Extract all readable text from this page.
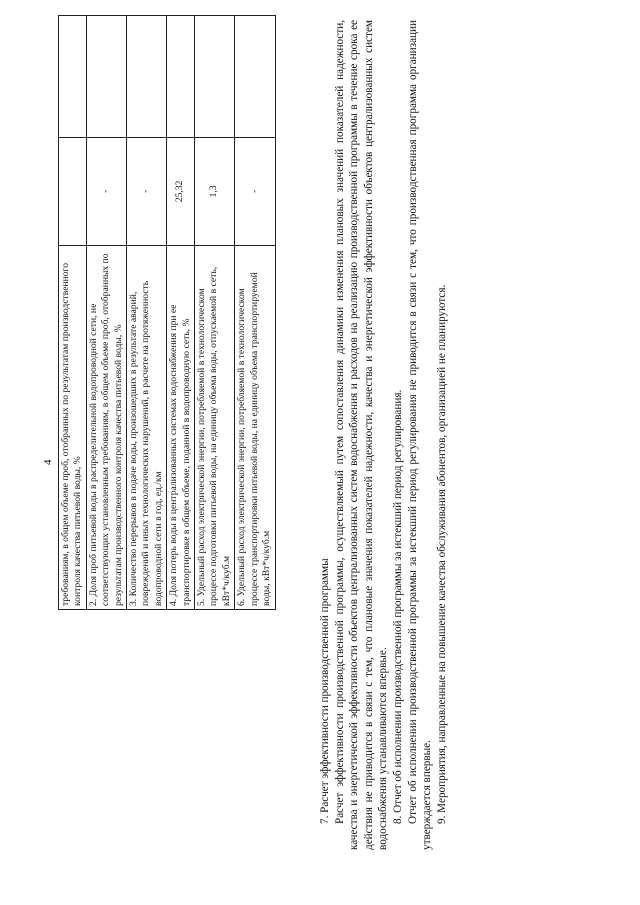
4 требованиям, в общем объеме проб, отобранных по результатам производственного контроля качества питьевой воды, %		
2. Доля проб питьевой воды в распределительной водопроводной сети, не соответствующих установленным требованиям, в общем объеме проб, отобранных по результатам производственного контроля качества питьевой воды, %	-	
3. Количество перерывов в подаче воды, произошедших в результате аварий, повреждений и иных технологических нарушений, в расчете на протяженность водопроводной сети в год, ед./км	-	
4. Доля потерь воды в централизованных системах водоснабжения при ее транспортировке в общем объеме, поданной в водопроводную сеть, %	25,32	
5. Удельный расход электрической энергии, потребляемой в технологическом процессе подготовки питьевой воды, на единицу объема воды, отпускаемой в сеть, кВт*ч/куб.м	1,3	
6. Удельный расход электрической энергии, потребляемой в технологическом процессе транспортировки питьевой воды, на единицу объема транспортируемой воды, кВт*ч/куб.м	-	

7. Расчет эффективности производственной программы Расчет эффективности производственной программы, осуществляемый путем сопоставления динамики изменения плановых значений показателей надежности, качества и энергетической эффективности объектов централизованных систем водоснабжения и расходов на реализацию производственной программы в течение срока ее действия не приводится в связи с тем, что плановые значения показателей надежности, качества и энергетической эффективности объектов централизованных систем водоснабжения устанавливаются впервые. 8. Отчет об исполнении производственной программы за истекший период регулирования. Отчет об исполнении производственной программы за истекший период регулирования не приводится в связи с тем, что производственная программа организации утверждается впервые. 9. Мероприятия, направленные на повышение качества обслуживания абонентов, организацией не планируются.
